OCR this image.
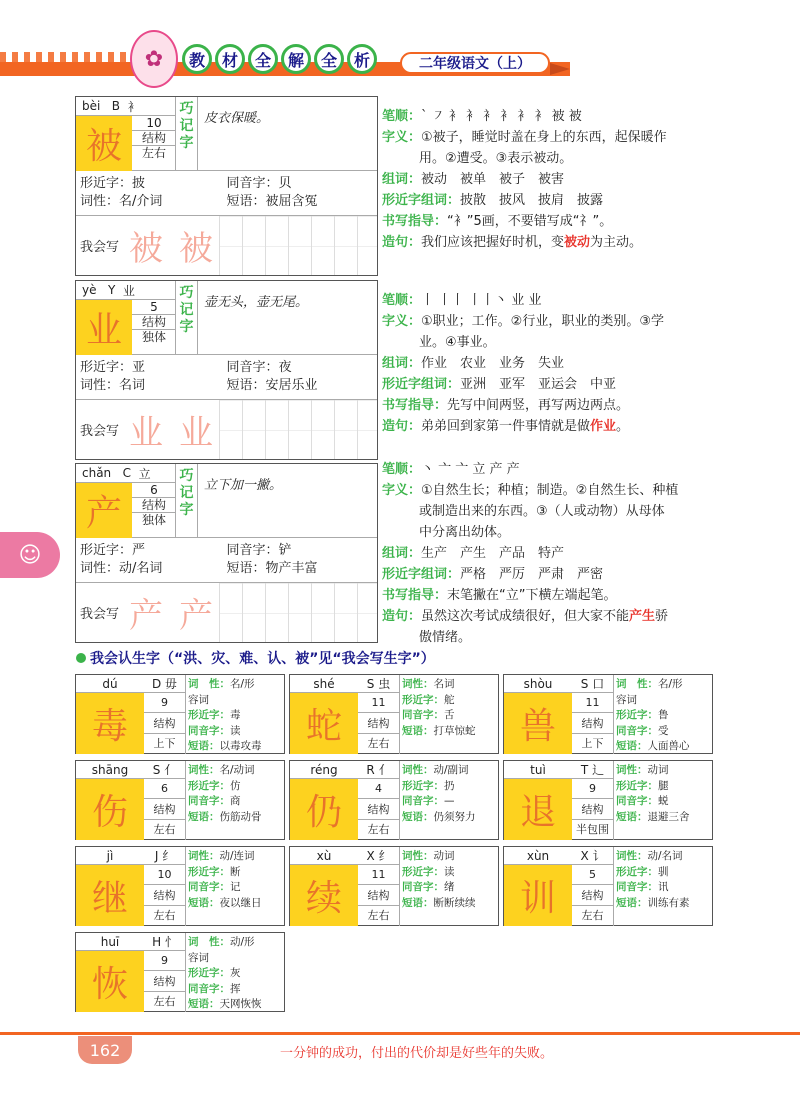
✿	教	材	全	解	全	析	二年级语文（上）
☺
bèi
B
衤
被
10
结构
左右
巧记字
皮衣保暖。
形近字：披
词性：名/介词
同音字：贝
短语：被屈含冤
我会写 被 被
yè
Y
业
业
5
结构
独体
巧记字
壶无头，壶无尾。
形近字：亚
词性：名词
同音字：夜
短语：安居乐业
我会写 业 业
chǎn
C
立
产
6
结构
独体
巧记字
立下加一撇。
形近字：严
词性：动/名词
同音字：铲
短语：物产丰富
我会写 产 产
笔顺：` ㇇ 衤 衤 衤 衤 衤 衤 被 被
字义：①被子，睡觉时盖在身上的东西，起保暖作
用。②遭受。③表示被动。
组词：被动　被单　被子　被害
形近字组词：披散　披风　披肩　披露
书写指导：“衤”5画，不要错写成“礻”。
造句：我们应该把握好时机，变被动为主动。
笔顺：丨 丨丨 丨丨丶 业 业
字义：①职业；工作。②行业，职业的类别。③学
业。④事业。
组词：作业　农业　业务　失业
形近字组词：亚洲　亚军　亚运会　中亚
书写指导：先写中间两竖，再写两边两点。
造句：弟弟回到家第一件事情就是做作业。
笔顺：丶 亠 亠 立 产 产
字义：①自然生长；种植；制造。②自然生长、种植
或制造出来的东西。③（人或动物）从母体
中分离出幼体。
组词：生产　产生　产品　特产
形近字组词：严格　严厉　严肃　严密
书写指导：末笔撇在“立”下横左端起笔。
造句：虽然这次考试成绩很好，但大家不能产生骄
傲情绪。
我会认生字（“洪、灾、难、认、被”见“我会写生字”）
dú	D 毋
毒
9
结构
上下
词　性：名/形
容词
形近字：毒
同音字：读
短语：以毒攻毒
shé	S 虫
蛇
11
结构
左右
词性：名词
形近字：舵
同音字：舌
短语：打草惊蛇
shòu	S 口
兽
11
结构
上下
词　性：名/形
容词
形近字：鲁
同音字：受
短语：人面兽心
shāng	S 亻
伤
6
结构
左右
词性：名/动词
形近字：仿
同音字：商
短语：伤筋动骨
réng	R 亻
仍
4
结构
左右
词性：动/副词
形近字：扔
同音字：—
短语：仍须努力
tuì	T 辶
退
9
结构
半包围
词性：动词
形近字：腿
同音字：蜕
短语：退避三舍
jì	J 纟
继
10
结构
左右
词性：动/连词
形近字：断
同音字：记
短语：夜以继日
xù	X 纟
续
11
结构
左右
词性：动词
形近字：读
同音字：绪
短语：断断续续
xùn	X 讠
训
5
结构
左右
词性：动/名词
形近字：驯
同音字：讯
短语：训练有素
huī	H 忄
恢
9
结构
左右
词　性：动/形
容词
形近字：灰
同音字：挥
短语：天网恢恢
162	一分钟的成功，付出的代价却是好些年的失败。
